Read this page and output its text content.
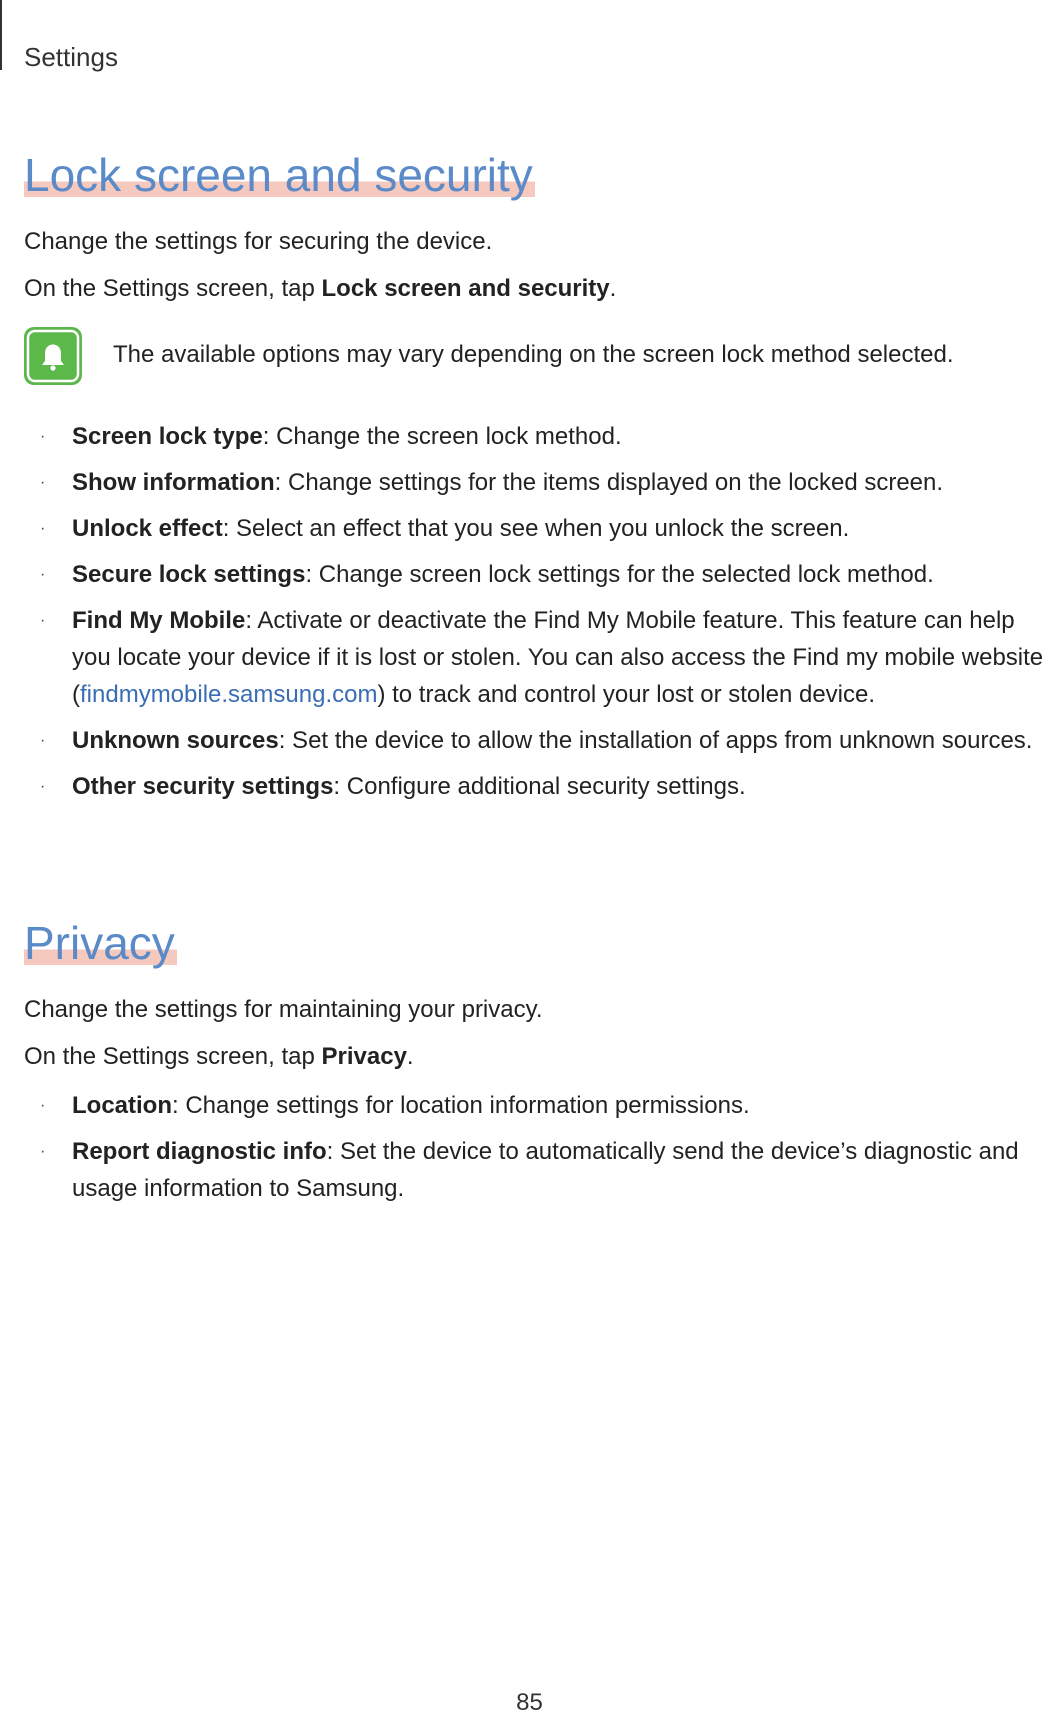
Settings
Lock screen and security

Change the settings for securing the device.

On the Settings screen, tap Lock screen and security.

The available options may vary depending on the screen lock method selected.

· Screen lock type: Change the screen lock method.
· Show information: Change settings for the items displayed on the locked screen.
· Unlock effect: Select an effect that you see when you unlock the screen.
· Secure lock settings: Change screen lock settings for the selected lock method.
· Find My Mobile: Activate or deactivate the Find My Mobile feature. This feature can help you locate your device if it is lost or stolen. You can also access the Find my mobile website (findmymobile.samsung.com) to track and control your lost or stolen device.
· Unknown sources: Set the device to allow the installation of apps from unknown sources.
· Other security settings: Configure additional security settings.
Privacy

Change the settings for maintaining your privacy.

On the Settings screen, tap Privacy.

· Location: Change settings for location information permissions.
· Report diagnostic info: Set the device to automatically send the device’s diagnostic and usage information to Samsung.
85
